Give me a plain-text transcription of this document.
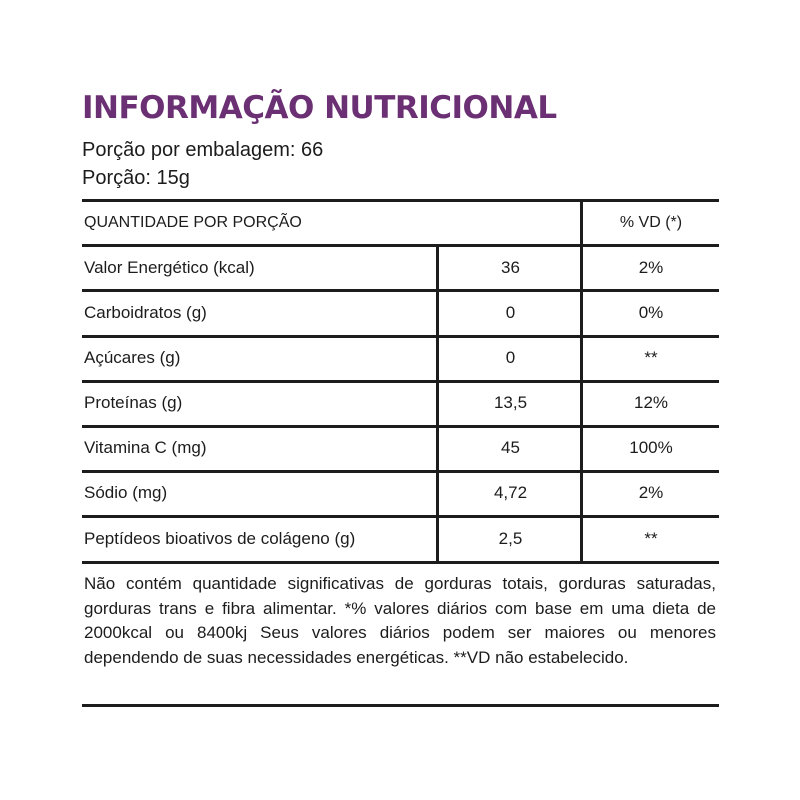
INFORMAÇÃO NUTRICIONAL

Porção por embalagem: 66

Porção: 15g

QUANTIDADE POR PORÇÃO	% VD (*)
Valor Energético (kcal)	36	2%
Carboidratos (g)	0	0%
Açúcares (g)	0	**
Proteínas (g)	13,5	12%
Vitamina C (mg)	45	100%
Sódio (mg)	4,72	2%
Peptídeos bioativos de colágeno (g)	2,5	**
Não contém quantidade significativas de gorduras totais, gorduras saturadas, gorduras trans e fibra alimentar. *% valores diários com base em uma dieta de 2000kcal ou 8400kj Seus valores diários podem ser maiores ou menores dependendo de suas necessidades energéticas. **VD não estabelecido.
